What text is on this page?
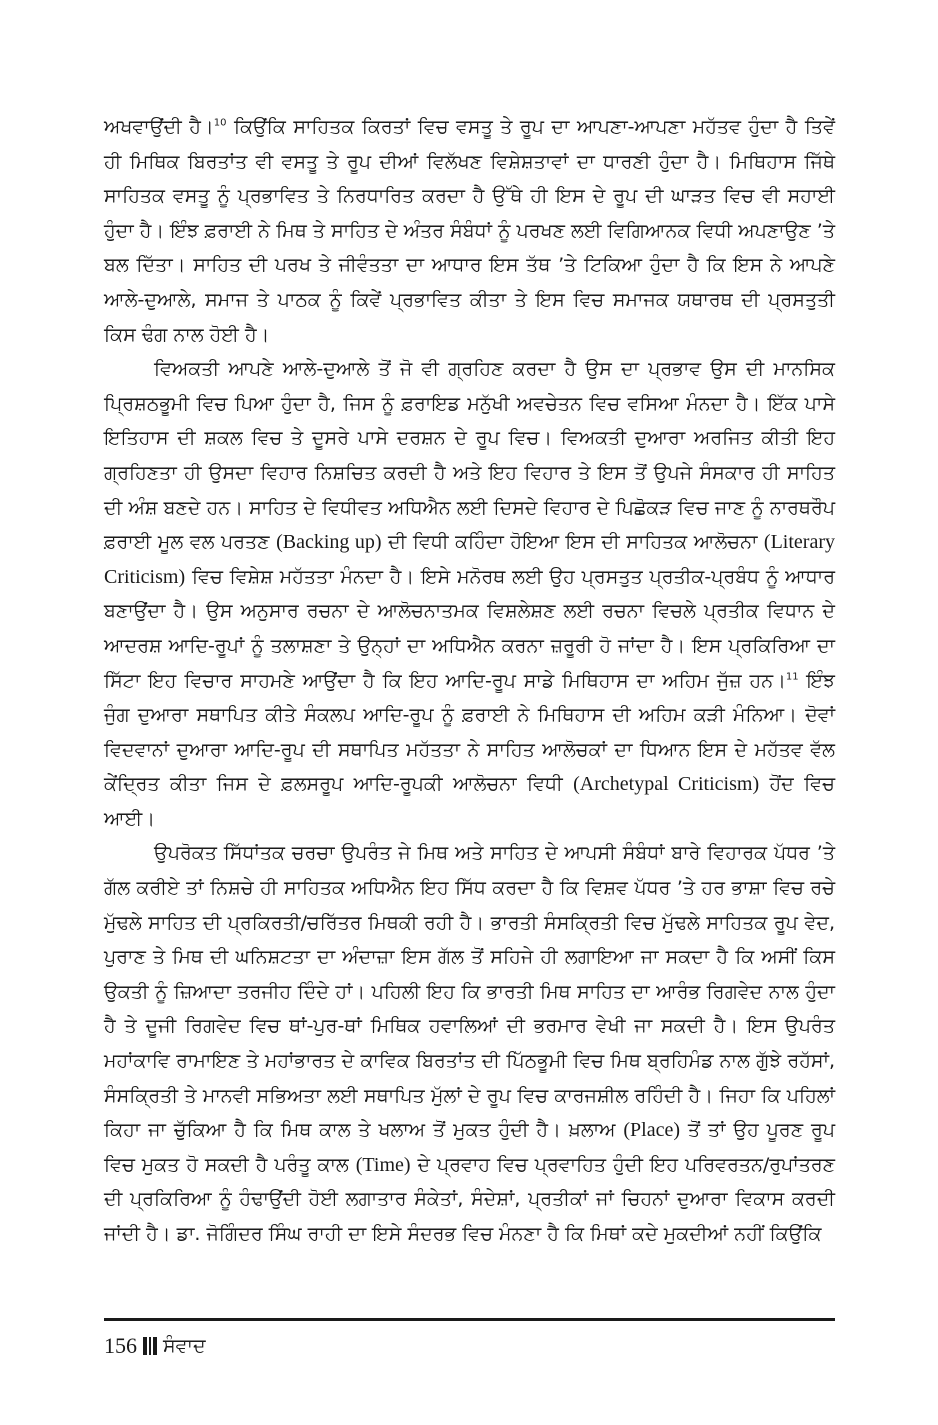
ਅਖਵਾਉਂਦੀ ਹੈ।$^{10}$ ਕਿਉਂਕਿ ਸਾਹਿਤਕ ਕਿਰਤਾਂ ਵਿਚ ਵਸਤੂ ਤੇ ਰੂਪ ਦਾ ਆਪਣਾ-ਆਪਣਾ ਮਹੱਤਵ ਹੁੰਦਾ ਹੈ ਤਿਵੇਂ ਹੀ ਮਿਥਿਕ ਬਿਰਤਾਂਤ ਵੀ ਵਸਤੂ ਤੇ ਰੂਪ ਦੀਆਂ ਵਿਲੱਖਣ ਵਿਸ਼ੇਸ਼ਤਾਵਾਂ ਦਾ ਧਾਰਣੀ ਹੁੰਦਾ ਹੈ। ਮਿਥਿਹਾਸ ਜਿੱਥੇ ਸਾਹਿਤਕ ਵਸਤੂ ਨੂੰ ਪ੍ਰਭਾਵਿਤ ਤੇ ਨਿਰਧਾਰਿਤ ਕਰਦਾ ਹੈ ਉੱਥੇ ਹੀ ਇਸ ਦੇ ਰੂਪ ਦੀ ਘਾੜਤ ਵਿਚ ਵੀ ਸਹਾਈ ਹੁੰਦਾ ਹੈ। ਇੰਝ ਫ਼ਰਾਈ ਨੇ ਮਿਥ ਤੇ ਸਾਹਿਤ ਦੇ ਅੰਤਰ ਸੰਬੰਧਾਂ ਨੂੰ ਪਰਖਣ ਲਈ ਵਿਗਿਆਨਕ ਵਿਧੀ ਅਪਣਾਉਣ ’ਤੇ ਬਲ ਦਿੱਤਾ। ਸਾਹਿਤ ਦੀ ਪਰਖ ਤੇ ਜੀਵੰਤਤਾ ਦਾ ਆਧਾਰ ਇਸ ਤੱਥ ’ਤੇ ਟਿਕਿਆ ਹੁੰਦਾ ਹੈ ਕਿ ਇਸ ਨੇ ਆਪਣੇ ਆਲੇ-ਦੁਆਲੇ, ਸਮਾਜ ਤੇ ਪਾਠਕ ਨੂੰ ਕਿਵੇਂ ਪ੍ਰਭਾਵਿਤ ਕੀਤਾ ਤੇ ਇਸ ਵਿਚ ਸਮਾਜਕ ਯਥਾਰਥ ਦੀ ਪ੍ਰਸਤੁਤੀ ਕਿਸ ਢੰਗ ਨਾਲ ਹੋਈ ਹੈ।

ਵਿਅਕਤੀ ਆਪਣੇ ਆਲੇ-ਦੁਆਲੇ ਤੋਂ ਜੋ ਵੀ ਗ੍ਰਹਿਣ ਕਰਦਾ ਹੈ ਉਸ ਦਾ ਪ੍ਰਭਾਵ ਉਸ ਦੀ ਮਾਨਸਿਕ ਪ੍ਰਿਸ਼ਠਭੂਮੀ ਵਿਚ ਪਿਆ ਹੁੰਦਾ ਹੈ, ਜਿਸ ਨੂੰ ਫ਼ਰਾਇਡ ਮਨੁੱਖੀ ਅਵਚੇਤਨ ਵਿਚ ਵਸਿਆ ਮੰਨਦਾ ਹੈ। ਇੱਕ ਪਾਸੇ ਇਤਿਹਾਸ ਦੀ ਸ਼ਕਲ ਵਿਚ ਤੇ ਦੂਸਰੇ ਪਾਸੇ ਦਰਸ਼ਨ ਦੇ ਰੂਪ ਵਿਚ। ਵਿਅਕਤੀ ਦੁਆਰਾ ਅਰਜਿਤ ਕੀਤੀ ਇਹ ਗ੍ਰਹਿਣਤਾ ਹੀ ਉਸਦਾ ਵਿਹਾਰ ਨਿਸ਼ਚਿਤ ਕਰਦੀ ਹੈ ਅਤੇ ਇਹ ਵਿਹਾਰ ਤੇ ਇਸ ਤੋਂ ਉਪਜੇ ਸੰਸਕਾਰ ਹੀ ਸਾਹਿਤ ਦੀ ਅੰਸ਼ ਬਣਦੇ ਹਨ। ਸਾਹਿਤ ਦੇ ਵਿਧੀਵਤ ਅਧਿਐਨ ਲਈ ਦਿਸਦੇ ਵਿਹਾਰ ਦੇ ਪਿਛੋਕੜ ਵਿਚ ਜਾਣ ਨੂੰ ਨਾਰਥਰੌਪ ਫ਼ਰਾਈ ਮੂਲ ਵਲ ਪਰਤਣ (Backing up) ਦੀ ਵਿਧੀ ਕਹਿੰਦਾ ਹੋਇਆ ਇਸ ਦੀ ਸਾਹਿਤਕ ਆਲੋਚਨਾ (Literary Criticism) ਵਿਚ ਵਿਸ਼ੇਸ਼ ਮਹੱਤਤਾ ਮੰਨਦਾ ਹੈ। ਇਸੇ ਮਨੋਰਥ ਲਈ ਉਹ ਪ੍ਰਸਤੁਤ ਪ੍ਰਤੀਕ-ਪ੍ਰਬੰਧ ਨੂੰ ਆਧਾਰ ਬਣਾਉਂਦਾ ਹੈ। ਉਸ ਅਨੁਸਾਰ ਰਚਨਾ ਦੇ ਆਲੋਚਨਾਤਮਕ ਵਿਸ਼ਲੇਸ਼ਣ ਲਈ ਰਚਨਾ ਵਿਚਲੇ ਪ੍ਰਤੀਕ ਵਿਧਾਨ ਦੇ ਆਦਰਸ਼ ਆਦਿ-ਰੂਪਾਂ ਨੂੰ ਤਲਾਸ਼ਣਾ ਤੇ ਉਨ੍ਹਾਂ ਦਾ ਅਧਿਐਨ ਕਰਨਾ ਜ਼ਰੂਰੀ ਹੋ ਜਾਂਦਾ ਹੈ। ਇਸ ਪ੍ਰਕਿਰਿਆ ਦਾ ਸਿੱਟਾ ਇਹ ਵਿਚਾਰ ਸਾਹਮਣੇ ਆਉਂਦਾ ਹੈ ਕਿ ਇਹ ਆਦਿ-ਰੂਪ ਸਾਡੇ ਮਿਥਿਹਾਸ ਦਾ ਅਹਿਮ ਜੁੱਜ਼ ਹਨ।$^{11}$ ਇੰਝ ਜੁੰਗ ਦੁਆਰਾ ਸਥਾਪਿਤ ਕੀਤੇ ਸੰਕਲਪ ਆਦਿ-ਰੂਪ ਨੂੰ ਫ਼ਰਾਈ ਨੇ ਮਿਥਿਹਾਸ ਦੀ ਅਹਿਮ ਕੜੀ ਮੰਨਿਆ। ਦੋਵਾਂ ਵਿਦਵਾਨਾਂ ਦੁਆਰਾ ਆਦਿ-ਰੂਪ ਦੀ ਸਥਾਪਿਤ ਮਹੱਤਤਾ ਨੇ ਸਾਹਿਤ ਆਲੋਚਕਾਂ ਦਾ ਧਿਆਨ ਇਸ ਦੇ ਮਹੱਤਵ ਵੱਲ ਕੇਂਦ੍ਰਿਤ ਕੀਤਾ ਜਿਸ ਦੇ ਫ਼ਲਸਰੂਪ ਆਦਿ-ਰੂਪਕੀ ਆਲੋਚਨਾ ਵਿਧੀ (Archetypal Criticism) ਹੋਂਦ ਵਿਚ ਆਈ।

ਉਪਰੋਕਤ ਸਿੱਧਾਂਤਕ ਚਰਚਾ ਉਪਰੰਤ ਜੇ ਮਿਥ ਅਤੇ ਸਾਹਿਤ ਦੇ ਆਪਸੀ ਸੰਬੰਧਾਂ ਬਾਰੇ ਵਿਹਾਰਕ ਪੱਧਰ ’ਤੇ ਗੱਲ ਕਰੀਏ ਤਾਂ ਨਿਸ਼ਚੇ ਹੀ ਸਾਹਿਤਕ ਅਧਿਐਨ ਇਹ ਸਿੱਧ ਕਰਦਾ ਹੈ ਕਿ ਵਿਸ਼ਵ ਪੱਧਰ ’ਤੇ ਹਰ ਭਾਸ਼ਾ ਵਿਚ ਰਚੇ ਮੁੱਢਲੇ ਸਾਹਿਤ ਦੀ ਪ੍ਰਕਿਰਤੀ/ਚਰਿੱਤਰ ਮਿਥਕੀ ਰਹੀ ਹੈ। ਭਾਰਤੀ ਸੰਸਕ੍ਰਿਤੀ ਵਿਚ ਮੁੱਢਲੇ ਸਾਹਿਤਕ ਰੂਪ ਵੇਦ, ਪੁਰਾਣ ਤੇ ਮਿਥ ਦੀ ਘਨਿਸ਼ਟਤਾ ਦਾ ਅੰਦਾਜ਼ਾ ਇਸ ਗੱਲ ਤੋਂ ਸਹਿਜੇ ਹੀ ਲਗਾਇਆ ਜਾ ਸਕਦਾ ਹੈ ਕਿ ਅਸੀਂ ਕਿਸ ਉਕਤੀ ਨੂੰ ਜ਼ਿਆਦਾ ਤਰਜੀਹ ਦਿੰਦੇ ਹਾਂ। ਪਹਿਲੀ ਇਹ ਕਿ ਭਾਰਤੀ ਮਿਥ ਸਾਹਿਤ ਦਾ ਆਰੰਭ ਰਿਗਵੇਦ ਨਾਲ ਹੁੰਦਾ ਹੈ ਤੇ ਦੂਜੀ ਰਿਗਵੇਦ ਵਿਚ ਥਾਂ-ਪੁਰ-ਥਾਂ ਮਿਥਿਕ ਹਵਾਲਿਆਂ ਦੀ ਭਰਮਾਰ ਵੇਖੀ ਜਾ ਸਕਦੀ ਹੈ। ਇਸ ਉਪਰੰਤ ਮਹਾਂਕਾਵਿ ਰਾਮਾਇਣ ਤੇ ਮਹਾਂਭਾਰਤ ਦੇ ਕਾਵਿਕ ਬਿਰਤਾਂਤ ਦੀ ਪਿੱਠਭੂਮੀ ਵਿਚ ਮਿਥ ਬ੍ਰਹਿਮੰਡ ਨਾਲ ਗੁੱਝੇ ਰਹੱਸਾਂ, ਸੰਸਕ੍ਰਿਤੀ ਤੇ ਮਾਨਵੀ ਸਭਿਅਤਾ ਲਈ ਸਥਾਪਿਤ ਮੁੱਲਾਂ ਦੇ ਰੂਪ ਵਿਚ ਕਾਰਜਸ਼ੀਲ ਰਹਿੰਦੀ ਹੈ। ਜਿਹਾ ਕਿ ਪਹਿਲਾਂ ਕਿਹਾ ਜਾ ਚੁੱਕਿਆ ਹੈ ਕਿ ਮਿਥ ਕਾਲ ਤੇ ਖਲਾਅ ਤੋਂ ਮੁਕਤ ਹੁੰਦੀ ਹੈ। ਖ਼ਲਾਅ (Place) ਤੋਂ ਤਾਂ ਉਹ ਪੂਰਣ ਰੂਪ ਵਿਚ ਮੁਕਤ ਹੋ ਸਕਦੀ ਹੈ ਪਰੰਤੂ ਕਾਲ (Time) ਦੇ ਪ੍ਰਵਾਹ ਵਿਚ ਪ੍ਰਵਾਹਿਤ ਹੁੰਦੀ ਇਹ ਪਰਿਵਰਤਨ/ਰੁਪਾਂਤਰਣ ਦੀ ਪ੍ਰਕਿਰਿਆ ਨੂੰ ਹੰਢਾਉਂਦੀ ਹੋਈ ਲਗਾਤਾਰ ਸੰਕੇਤਾਂ, ਸੰਦੇਸ਼ਾਂ, ਪ੍ਰਤੀਕਾਂ ਜਾਂ ਚਿਹਨਾਂ ਦੁਆਰਾ ਵਿਕਾਸ ਕਰਦੀ ਜਾਂਦੀ ਹੈ। ਡਾ. ਜੋਗਿੰਦਰ ਸਿੰਘ ਰਾਹੀ ਦਾ ਇਸੇ ਸੰਦਰਭ ਵਿਚ ਮੰਨਣਾ ਹੈ ਕਿ ਮਿਥਾਂ ਕਦੇ ਮੁਕਦੀਆਂ ਨਹੀਂ ਕਿਉਂਕਿ

156 ਸੰਵਾਦ
